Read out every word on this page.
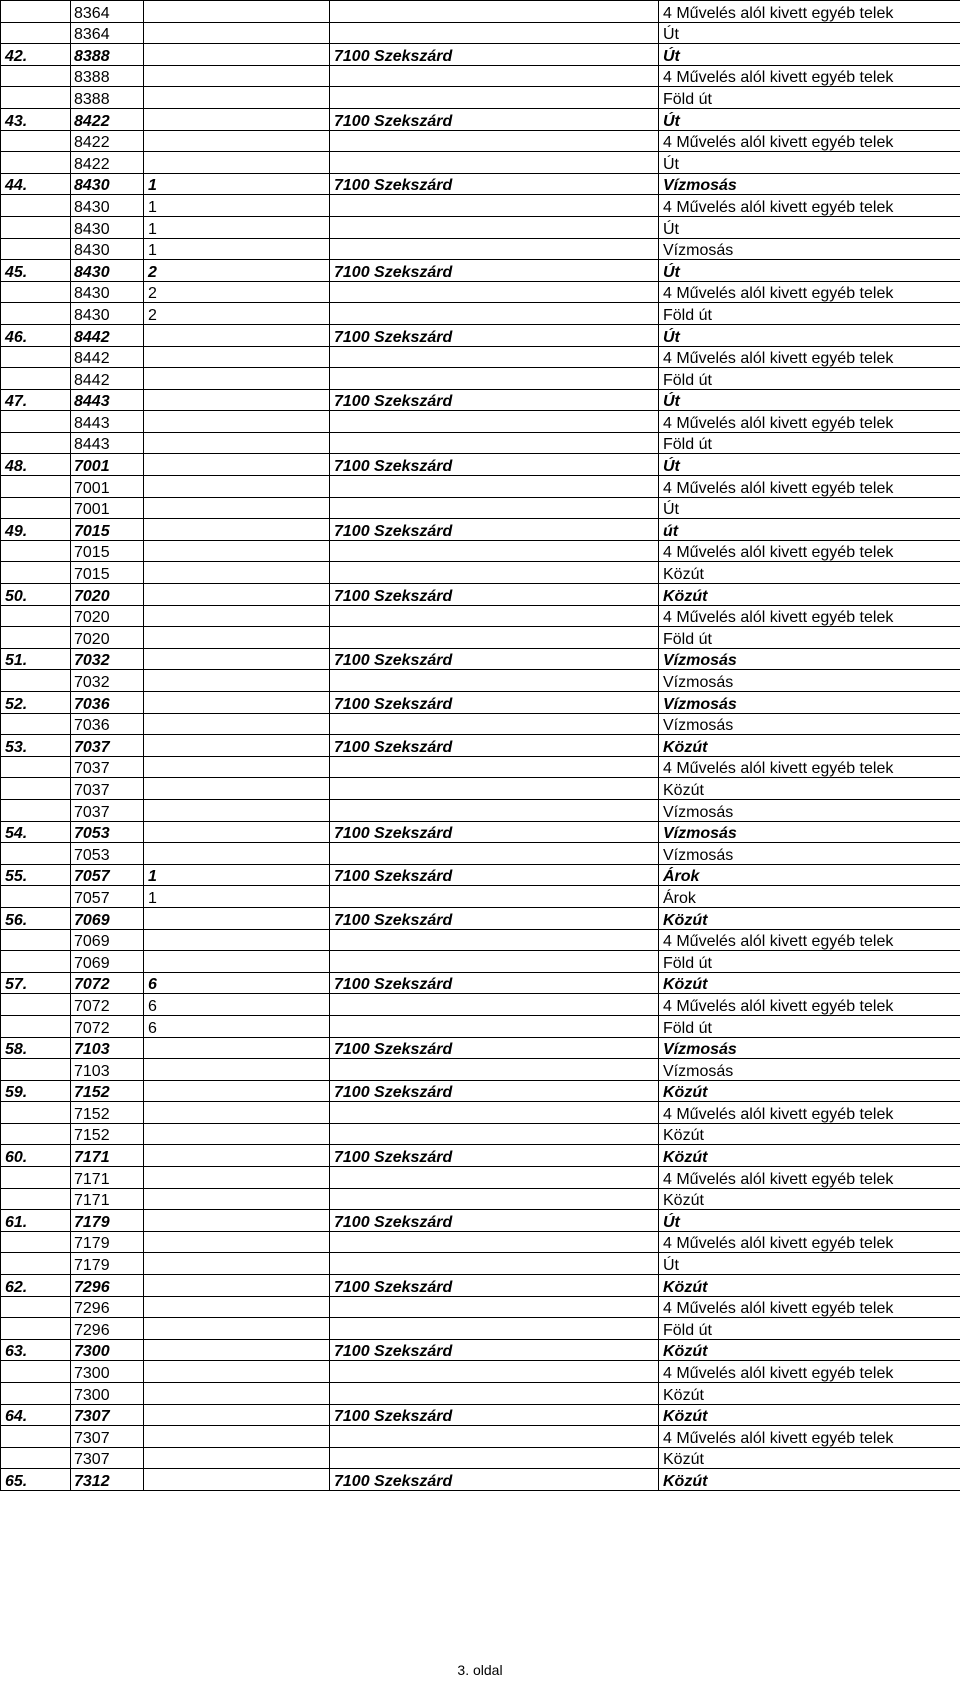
	8364			4 Művelés alól kivett egyéb telek
	8364			Út
42.	8388		7100 Szekszárd	Út
	8388			4 Művelés alól kivett egyéb telek
	8388			Föld út
43.	8422		7100 Szekszárd	Út
	8422			4 Művelés alól kivett egyéb telek
	8422			Út
44.	8430	1	7100 Szekszárd	Vízmosás
	8430	1		4 Művelés alól kivett egyéb telek
	8430	1		Út
	8430	1		Vízmosás
45.	8430	2	7100 Szekszárd	Út
	8430	2		4 Művelés alól kivett egyéb telek
	8430	2		Föld út
46.	8442		7100 Szekszárd	Út
	8442			4 Művelés alól kivett egyéb telek
	8442			Föld út
47.	8443		7100 Szekszárd	Út
	8443			4 Művelés alól kivett egyéb telek
	8443			Föld út
48.	7001		7100 Szekszárd	Út
	7001			4 Művelés alól kivett egyéb telek
	7001			Út
49.	7015		7100 Szekszárd	út
	7015			4 Művelés alól kivett egyéb telek
	7015			Közút
50.	7020		7100 Szekszárd	Közút
	7020			4 Művelés alól kivett egyéb telek
	7020			Föld út
51.	7032		7100 Szekszárd	Vízmosás
	7032			Vízmosás
52.	7036		7100 Szekszárd	Vízmosás
	7036			Vízmosás
53.	7037		7100 Szekszárd	Közút
	7037			4 Művelés alól kivett egyéb telek
	7037			Közút
	7037			Vízmosás
54.	7053		7100 Szekszárd	Vízmosás
	7053			Vízmosás
55.	7057	1	7100 Szekszárd	Árok
	7057	1		Árok
56.	7069		7100 Szekszárd	Közút
	7069			4 Művelés alól kivett egyéb telek
	7069			Föld út
57.	7072	6	7100 Szekszárd	Közút
	7072	6		4 Művelés alól kivett egyéb telek
	7072	6		Föld út
58.	7103		7100 Szekszárd	Vízmosás
	7103			Vízmosás
59.	7152		7100 Szekszárd	Közút
	7152			4 Művelés alól kivett egyéb telek
	7152			Közút
60.	7171		7100 Szekszárd	Közút
	7171			4 Művelés alól kivett egyéb telek
	7171			Közút
61.	7179		7100 Szekszárd	Út
	7179			4 Művelés alól kivett egyéb telek
	7179			Út
62.	7296		7100 Szekszárd	Közút
	7296			4 Művelés alól kivett egyéb telek
	7296			Föld út
63.	7300		7100 Szekszárd	Közút
	7300			4 Művelés alól kivett egyéb telek
	7300			Közút
64.	7307		7100 Szekszárd	Közút
	7307			4 Művelés alól kivett egyéb telek
	7307			Közút
65.	7312		7100 Szekszárd	Közút
3. oldal
